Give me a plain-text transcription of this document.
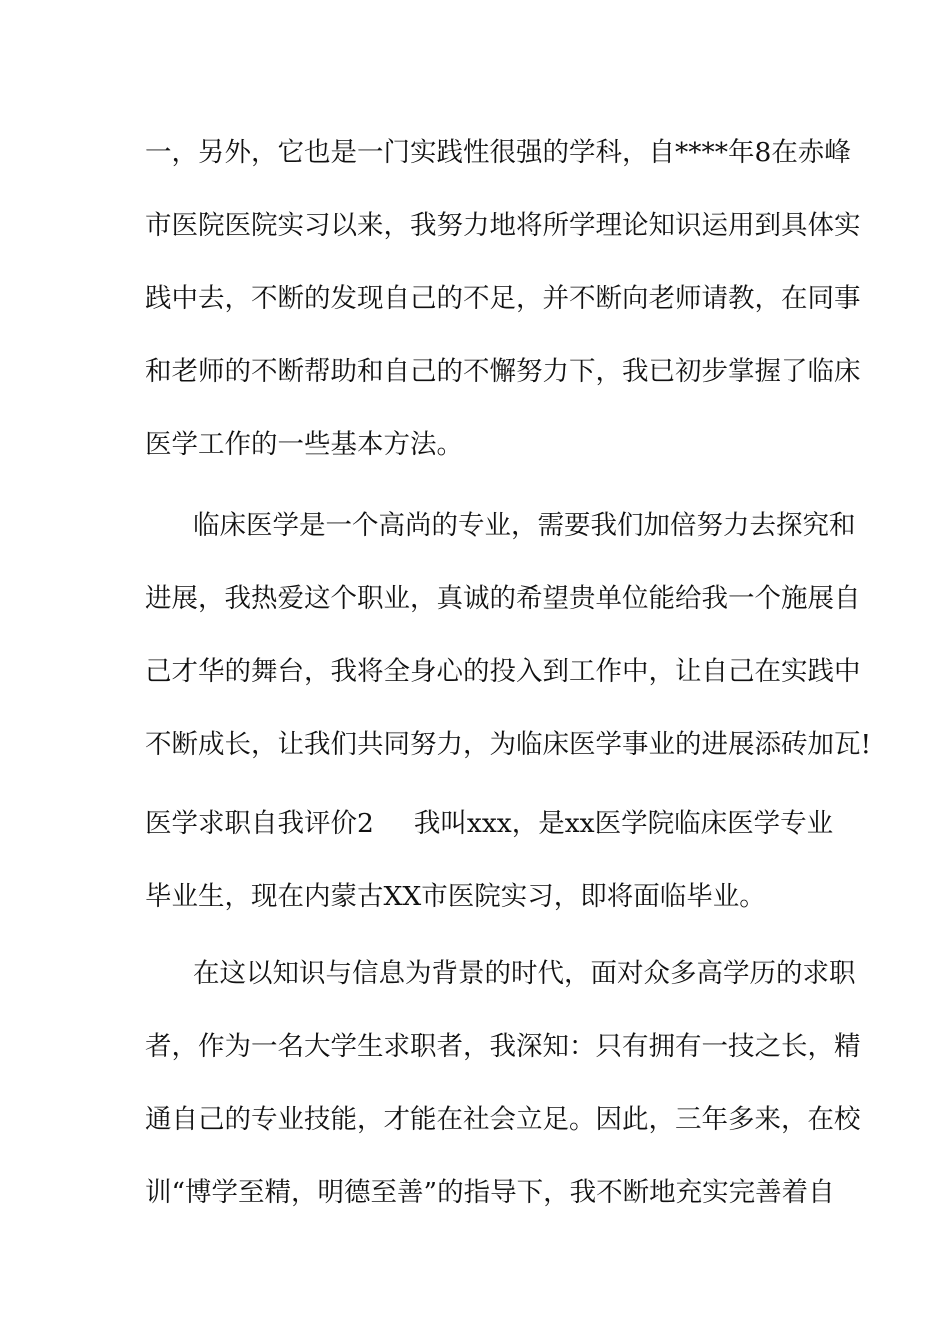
一，另外，它也是一门实践性很强的学科，自****年8在赤峰
市医院医院实习以来，我努力地将所学理论知识运用到具体实
践中去，不断的发现自己的不足，并不断向老师请教，在同事
和老师的不断帮助和自己的不懈努力下，我已初步掌握了临床
医学工作的一些基本方法。
临床医学是一个高尚的专业，需要我们加倍努力去探究和
进展，我热爱这个职业，真诚的希望贵单位能给我一个施展自
己才华的舞台，我将全身心的投入到工作中，让自己在实践中
不断成长，让我们共同努力，为临床医学事业的进展添砖加瓦!
医学求职自我评价2 我叫xxx，是xx医学院临床医学专业
毕业生，现在内蒙古XX市医院实习，即将面临毕业。
在这以知识与信息为背景的时代，面对众多高学历的求职
者，作为一名大学生求职者，我深知：只有拥有一技之长，精
通自己的专业技能，才能在社会立足。因此，三年多来，在校
训“博学至精，明德至善”的指导下，我不断地充实完善着自
